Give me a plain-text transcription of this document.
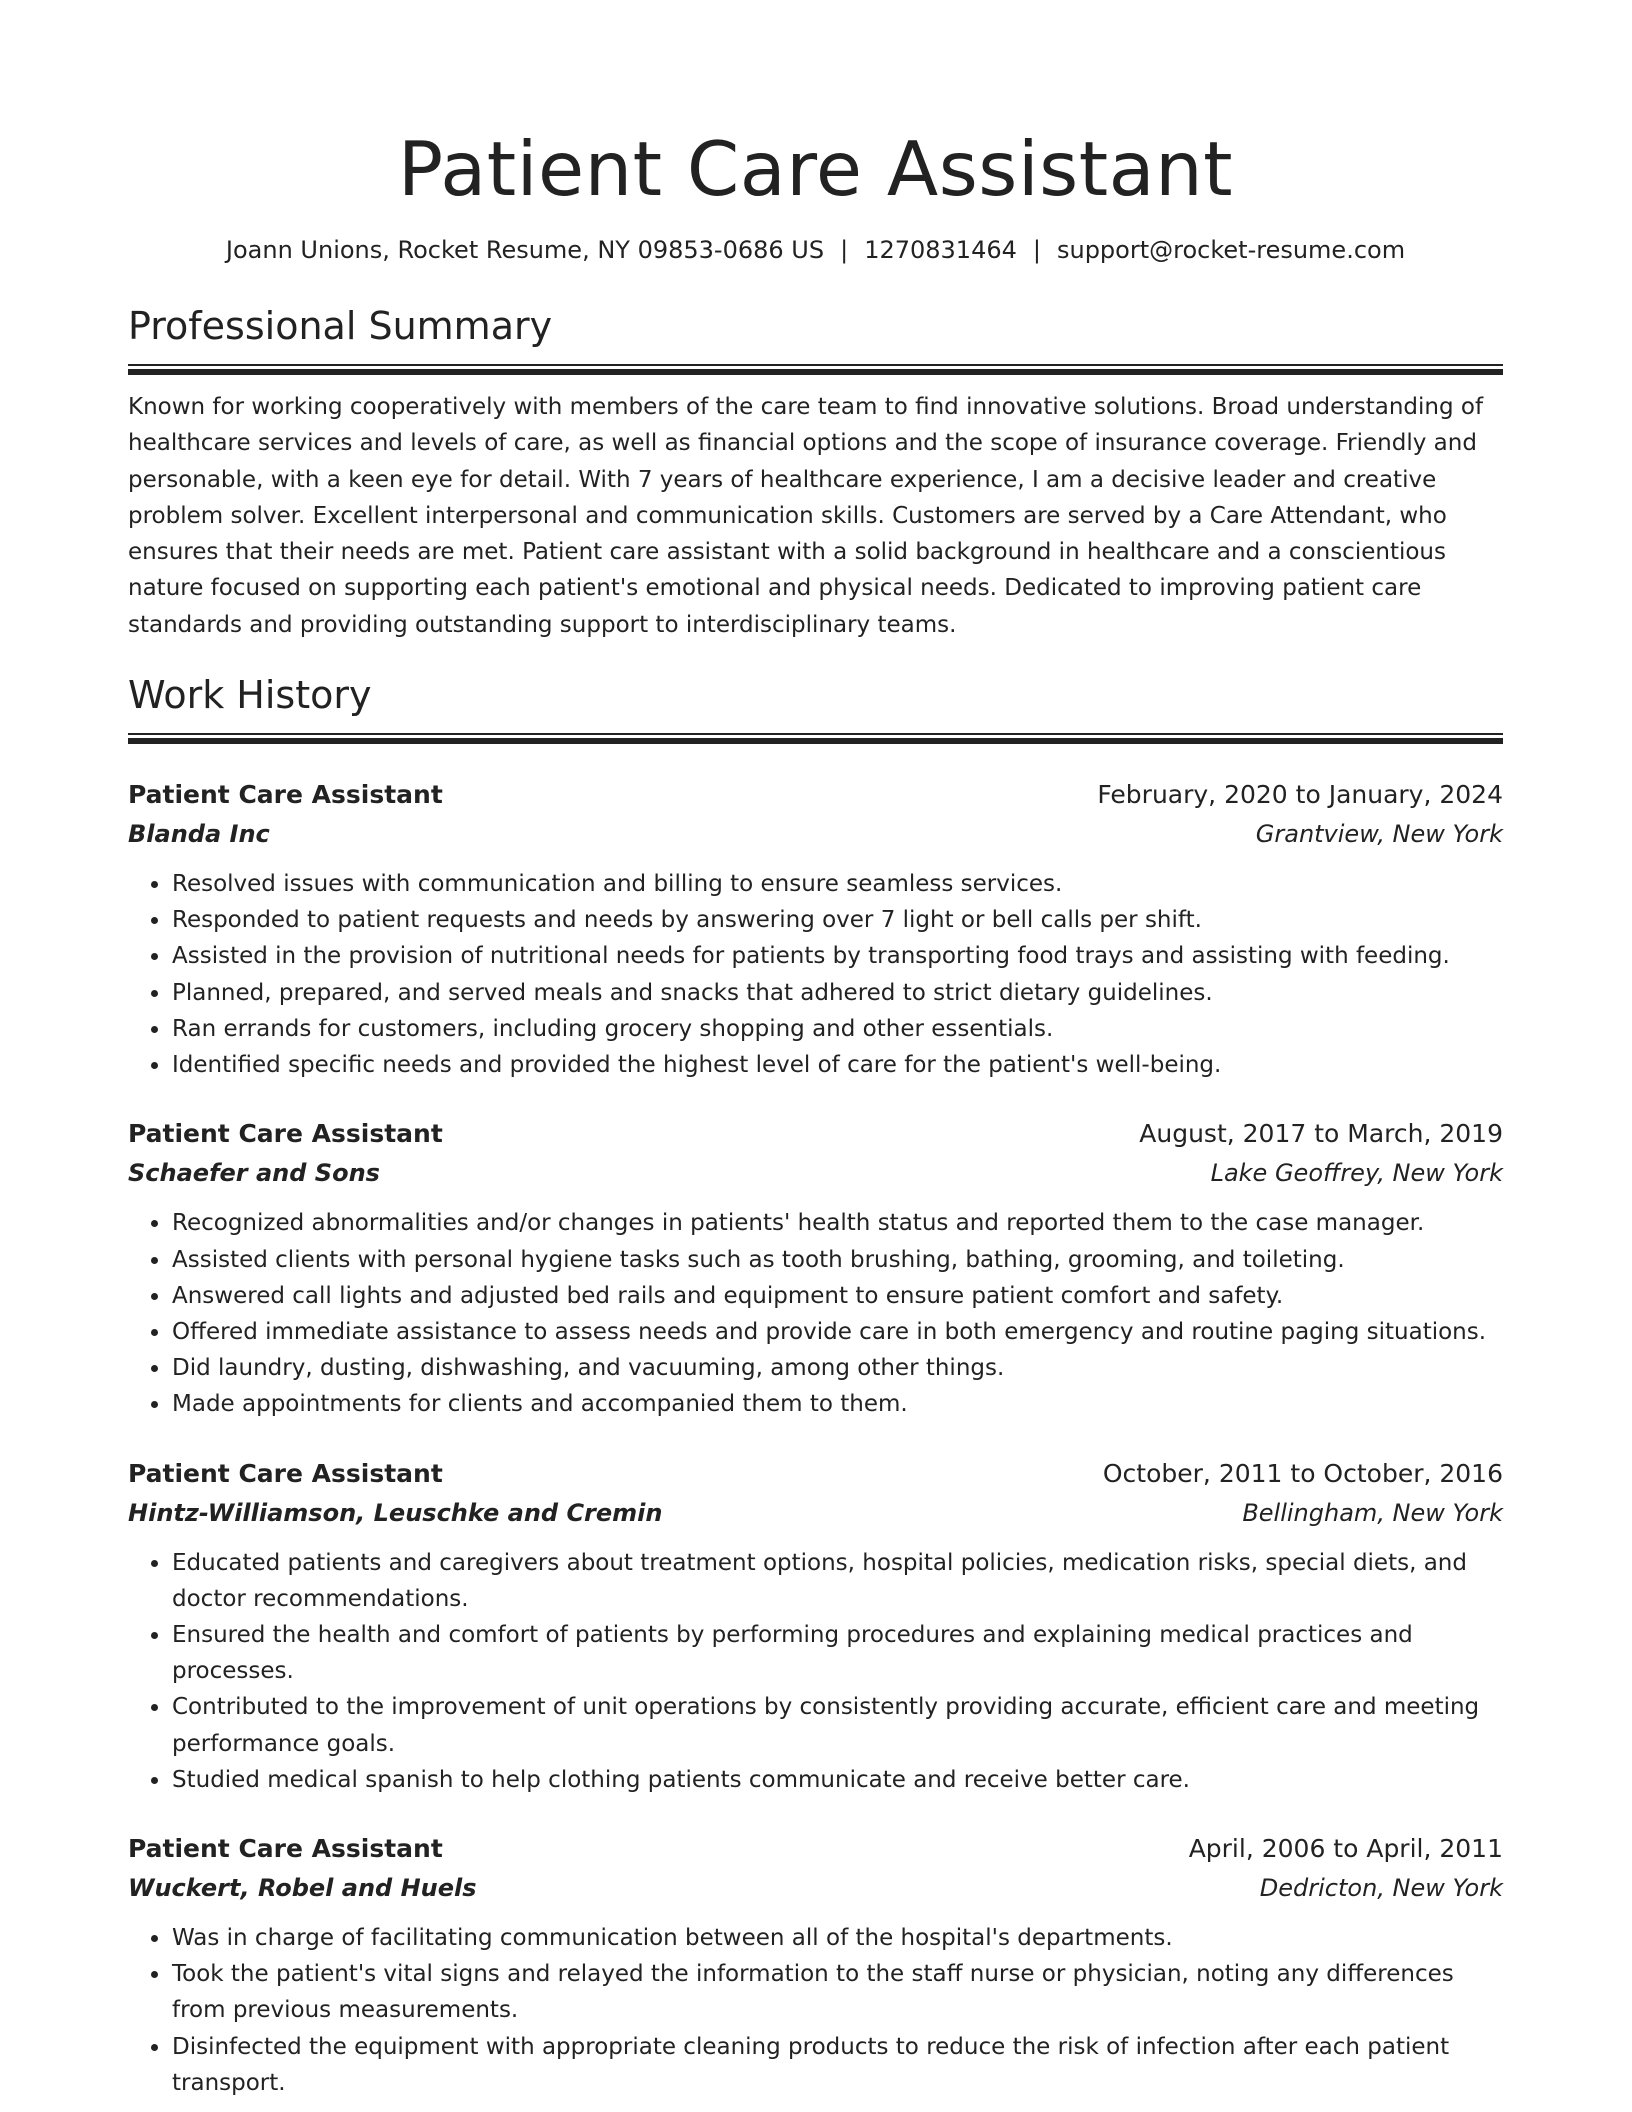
Patient Care Assistant
Joann Unions, Rocket Resume, NY 09853-0686 US | 1270831464 | support@rocket-resume.com
Professional Summary

Known for working cooperatively with members of the care team to find innovative solutions. Broad understanding of healthcare services and levels of care, as well as financial options and the scope of insurance coverage. Friendly and personable, with a keen eye for detail. With 7 years of healthcare experience, I am a decisive leader and creative problem solver. Excellent interpersonal and communication skills. Customers are served by a Care Attendant, who ensures that their needs are met. Patient care assistant with a solid background in healthcare and a conscientious nature focused on supporting each patient's emotional and physical needs. Dedicated to improving patient care standards and providing outstanding support to interdisciplinary teams.

Work History
Patient Care Assistant	February, 2020 to January, 2024
Blanda Inc	Grantview, New York
• Resolved issues with communication and billing to ensure seamless services.
• Responded to patient requests and needs by answering over 7 light or bell calls per shift.
• Assisted in the provision of nutritional needs for patients by transporting food trays and assisting with feeding.
• Planned, prepared, and served meals and snacks that adhered to strict dietary guidelines.
• Ran errands for customers, including grocery shopping and other essentials.
• Identified specific needs and provided the highest level of care for the patient's well-being.
Patient Care Assistant	August, 2017 to March, 2019
Schaefer and Sons	Lake Geoffrey, New York
• Recognized abnormalities and/or changes in patients' health status and reported them to the case manager.
• Assisted clients with personal hygiene tasks such as tooth brushing, bathing, grooming, and toileting.
• Answered call lights and adjusted bed rails and equipment to ensure patient comfort and safety.
• Offered immediate assistance to assess needs and provide care in both emergency and routine paging situations.
• Did laundry, dusting, dishwashing, and vacuuming, among other things.
• Made appointments for clients and accompanied them to them.
Patient Care Assistant	October, 2011 to October, 2016
Hintz-Williamson, Leuschke and Cremin	Bellingham, New York
• Educated patients and caregivers about treatment options, hospital policies, medication risks, special diets, and doctor recommendations.
• Ensured the health and comfort of patients by performing procedures and explaining medical practices and processes.
• Contributed to the improvement of unit operations by consistently providing accurate, efficient care and meeting performance goals.
• Studied medical spanish to help clothing patients communicate and receive better care.
Patient Care Assistant	April, 2006 to April, 2011
Wuckert, Robel and Huels	Dedricton, New York
• Was in charge of facilitating communication between all of the hospital's departments.
• Took the patient's vital signs and relayed the information to the staff nurse or physician, noting any differences from previous measurements.
• Disinfected the equipment with appropriate cleaning products to reduce the risk of infection after each patient transport.
